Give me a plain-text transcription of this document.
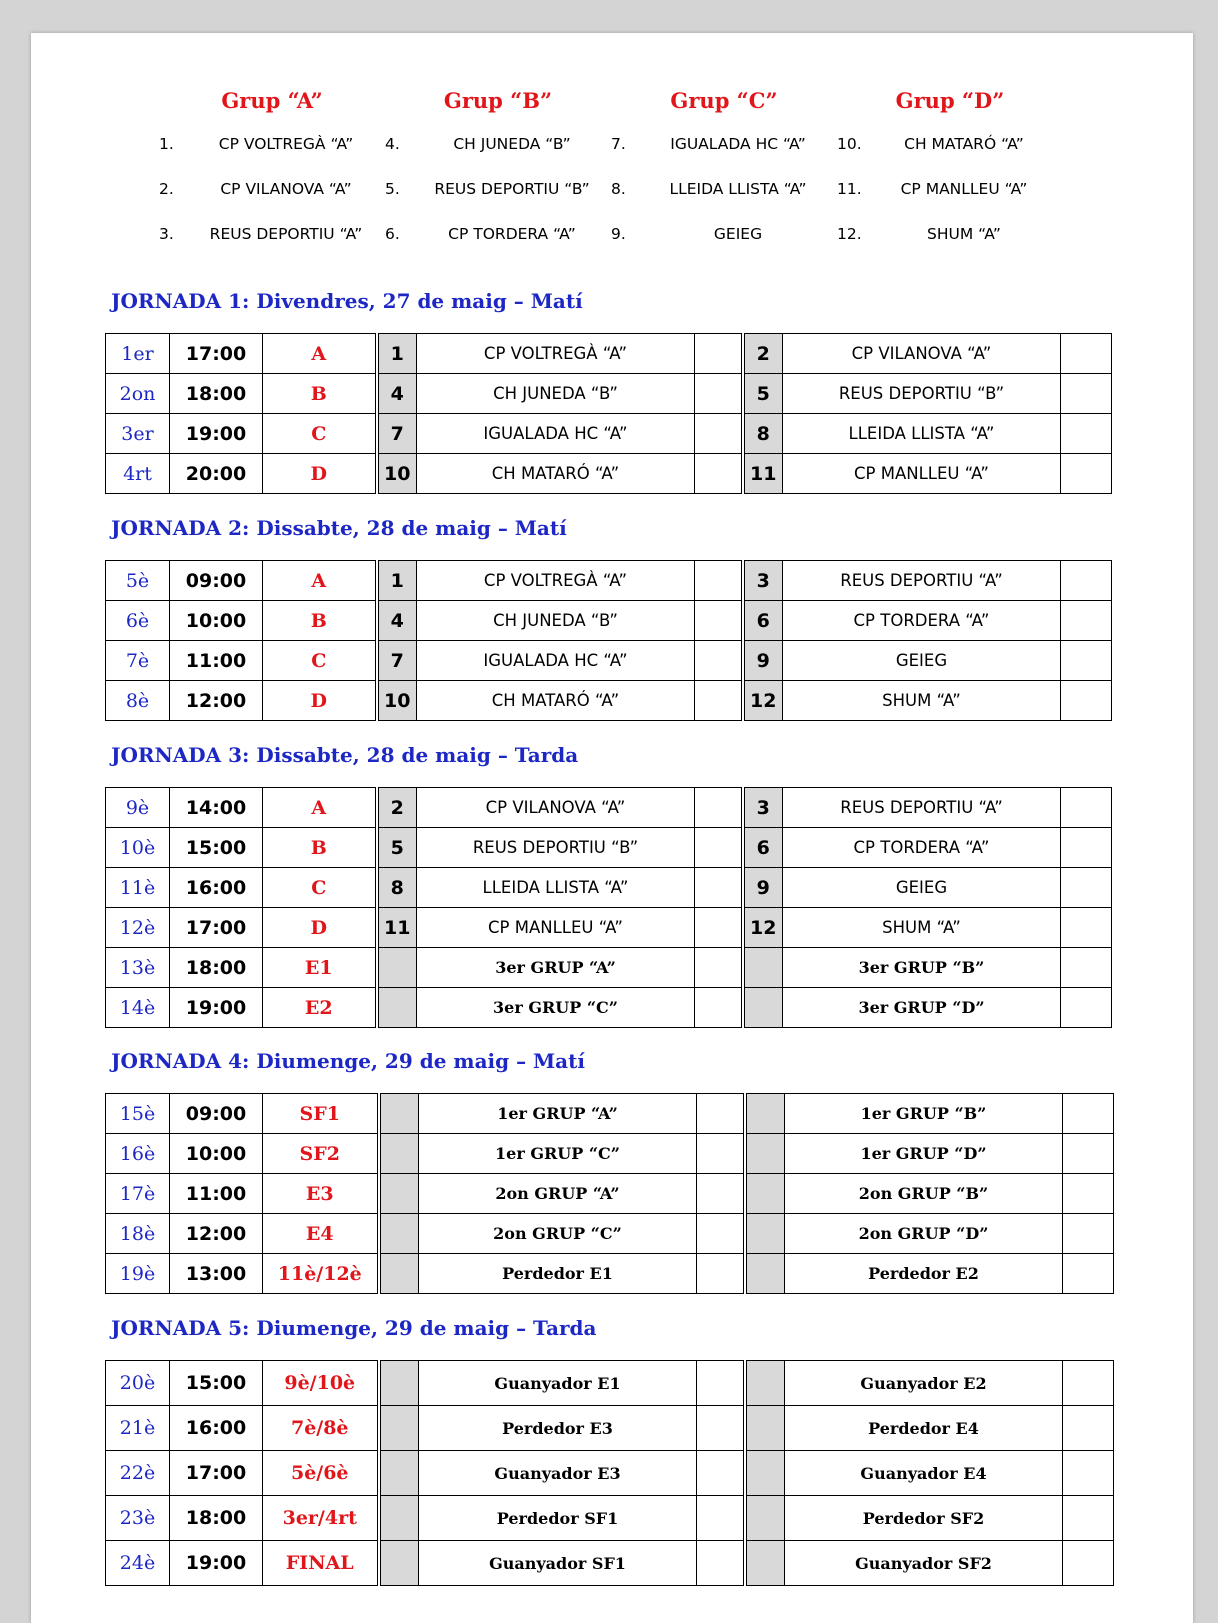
Grup “A”
1.	CP VOLTREGÀ “A”
2.	CP VILANOVA “A”
3.	REUS DEPORTIU “A”
Grup “B”
4.	CH JUNEDA “B”
5.	REUS DEPORTIU “B”
6.	CP TORDERA “A”
Grup “C”
7.	IGUALADA HC “A”
8.	LLEIDA LLISTA “A”
9.	GEIEG
Grup “D”
10.	CH MATARÓ “A”
11.	CP MANLLEU “A”
12.	SHUM “A”
JORNADA 1: Divendres, 27 de maig – Matí
1er	17:00	A	1	CP VOLTREGÀ “A”		2	CP VILANOVA “A”	
2on	18:00	B	4	CH JUNEDA “B”		5	REUS DEPORTIU “B”	
3er	19:00	C	7	IGUALADA HC “A”		8	LLEIDA LLISTA “A”	
4rt	20:00	D	10	CH MATARÓ “A”		11	CP MANLLEU “A”	
JORNADA 2: Dissabte, 28 de maig – Matí
5è	09:00	A	1	CP VOLTREGÀ “A”		3	REUS DEPORTIU “A”	
6è	10:00	B	4	CH JUNEDA “B”		6	CP TORDERA “A”	
7è	11:00	C	7	IGUALADA HC “A”		9	GEIEG	
8è	12:00	D	10	CH MATARÓ “A”		12	SHUM “A”	
JORNADA 3: Dissabte, 28 de maig – Tarda
9è	14:00	A	2	CP VILANOVA “A”		3	REUS DEPORTIU “A”	
10è	15:00	B	5	REUS DEPORTIU “B”		6	CP TORDERA “A”	
11è	16:00	C	8	LLEIDA LLISTA “A”		9	GEIEG	
12è	17:00	D	11	CP MANLLEU “A”		12	SHUM “A”	
13è	18:00	E1		3er GRUP “A”			3er GRUP “B”	
14è	19:00	E2		3er GRUP “C”			3er GRUP “D”	
JORNADA 4: Diumenge, 29 de maig – Matí
15è	09:00	SF1		1er GRUP “A”			1er GRUP “B”	
16è	10:00	SF2		1er GRUP “C”			1er GRUP “D”	
17è	11:00	E3		2on GRUP “A”			2on GRUP “B”	
18è	12:00	E4		2on GRUP “C”			2on GRUP “D”	
19è	13:00	11è/12è		Perdedor E1			Perdedor E2	
JORNADA 5: Diumenge, 29 de maig – Tarda
20è	15:00	9è/10è		Guanyador E1			Guanyador E2	
21è	16:00	7è/8è		Perdedor E3			Perdedor E4	
22è	17:00	5è/6è		Guanyador E3			Guanyador E4	
23è	18:00	3er/4rt		Perdedor SF1			Perdedor SF2	
24è	19:00	FINAL		Guanyador SF1			Guanyador SF2	
